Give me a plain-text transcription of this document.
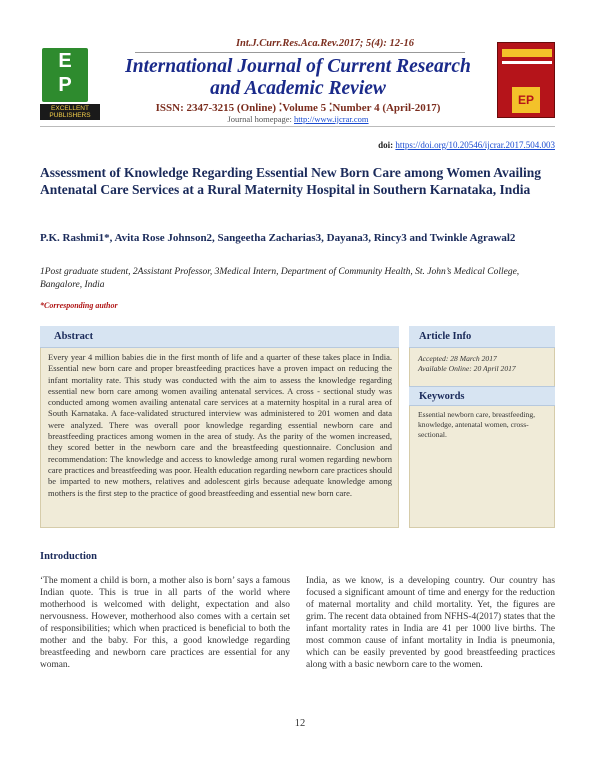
Int.J.Curr.Res.Aca.Rev.2017; 5(4): 12-16
E
P
EXCELLENT
PUBLISHERS
International Journal of Current Research and Academic Review
ISSN: 2347-3215 (Online) ⁚Volume 5 ⁚Number 4 (April-2017)
Journal homepage: http://www.ijcrar.com
EP
doi: https://doi.org/10.20546/ijcrar.2017.504.003
Assessment of Knowledge Regarding Essential New Born Care among Women Availing Antenatal Care Services at a Rural Maternity Hospital in Southern Karnataka, India
P.K. Rashmi1*, Avita Rose Johnson2, Sangeetha Zacharias3, Dayana3, Rincy3 and Twinkle Agrawal2
1Post graduate student, 2Assistant Professor, 3Medical Intern, Department of Community Health, St. John’s Medical College, Bangalore, India
*Corresponding author
Abstract
Every year 4 million babies die in the first month of life and a quarter of these takes place in India. Essential new born care and proper breastfeeding practices have a proven impact on reducing the infant mortality rate. This study was conducted with the aim to assess the knowledge regarding essential new born care among women availing antenatal services. A cross - sectional study was conducted among women availing antenatal care services at a maternity hospital in a rural area of South Karnataka. A face-validated structured interview was administered to 201 women and data were analyzed. There was overall poor knowledge regarding essential newborn care and breastfeeding practices among women in the area of study. As the parity of the women increased, they scored better in the newborn care and the breastfeeding questionnaire. Conclusion and recommendation: The knowledge and access to knowledge among rural women regarding newborn care practices and breastfeeding was poor. Health education regarding newborn care practices should be imparted to new mothers, relatives and adolescent girls because adequate knowledge among mothers is the first step to the practice of good breastfeeding and essential new born care.
Article Info
Accepted: 28 March 2017
Available Online: 20 April 2017
Keywords
Essential newborn care, breastfeeding, knowledge, antenatal women, cross-sectional.
Introduction
‘The moment a child is born, a mother also is born’ says a famous Indian quote. This is true in all parts of the world where motherhood is welcomed with delight, expectation and also nervousness. However, motherhood also comes with a certain set of responsibilities; which when practiced is beneficial to both the mother and the baby. For this, a good knowledge regarding breastfeeding and newborn care practices are essential for any woman.
India, as we know, is a developing country. Our country has focused a significant amount of time and energy for the reduction of maternal mortality and child mortality. Yet, the figures are grim. The recent data obtained from NFHS-4(2017) states that the infant mortality rates in India are 41 per 1000 live births. The most common cause of infant mortality in India is pneumonia, which can be easily prevented by good breastfeeding practices along with a basic newborn care to the women.
12
